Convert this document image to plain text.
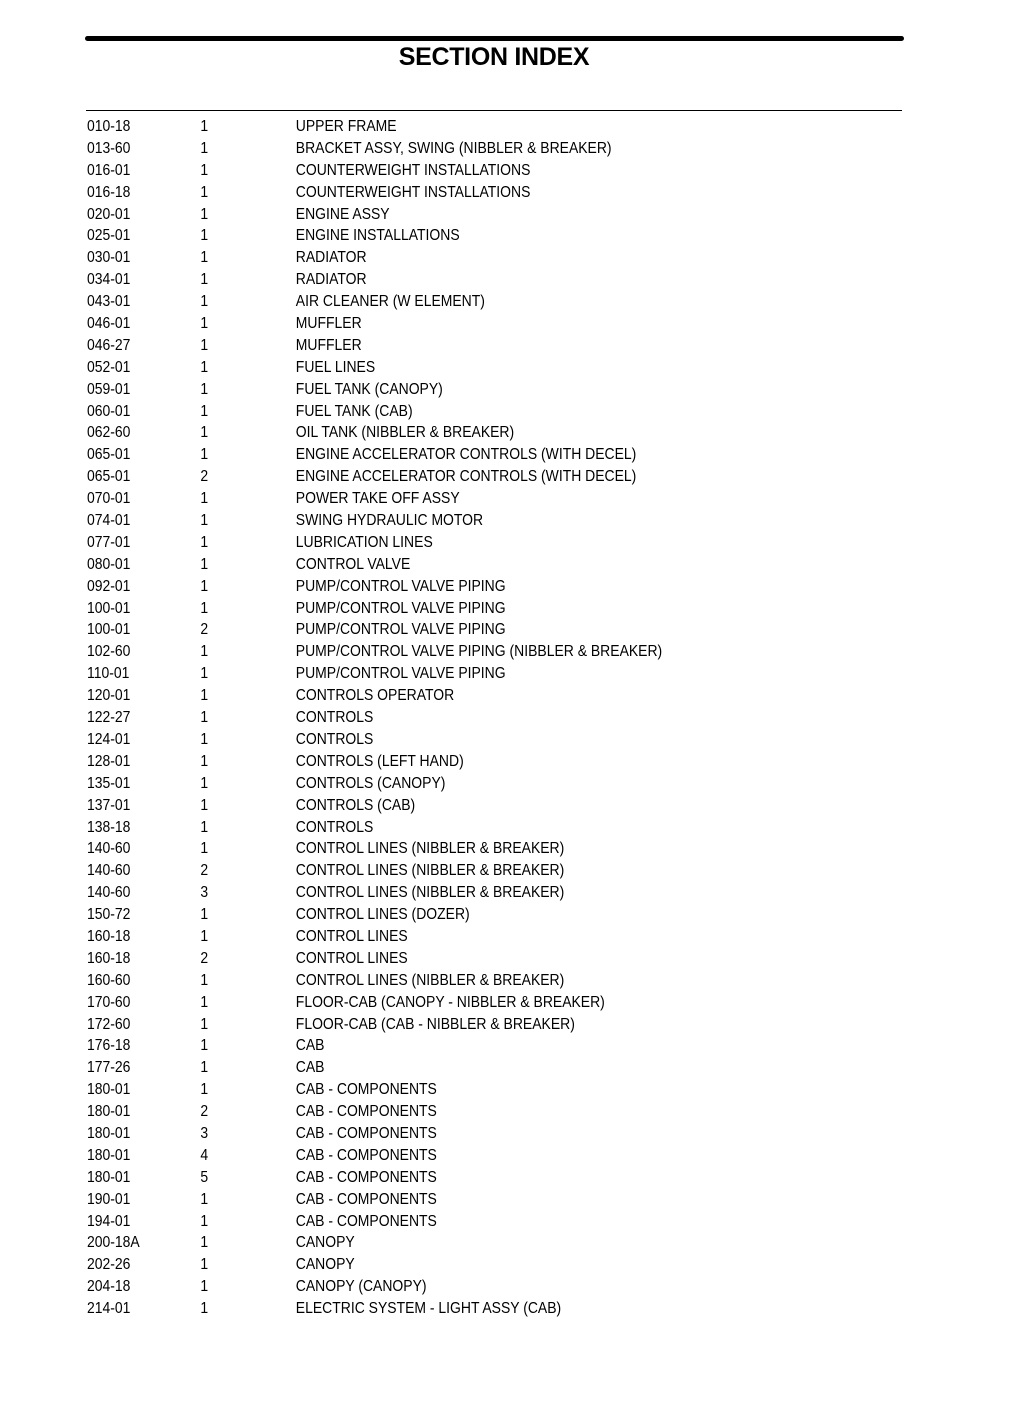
SECTION INDEX
010-18	1	UPPER FRAME
013-60	1	BRACKET ASSY, SWING (NIBBLER & BREAKER)
016-01	1	COUNTERWEIGHT INSTALLATIONS
016-18	1	COUNTERWEIGHT INSTALLATIONS
020-01	1	ENGINE ASSY
025-01	1	ENGINE INSTALLATIONS
030-01	1	RADIATOR
034-01	1	RADIATOR
043-01	1	AIR CLEANER (W ELEMENT)
046-01	1	MUFFLER
046-27	1	MUFFLER
052-01	1	FUEL LINES
059-01	1	FUEL TANK (CANOPY)
060-01	1	FUEL TANK (CAB)
062-60	1	OIL TANK (NIBBLER & BREAKER)
065-01	1	ENGINE ACCELERATOR CONTROLS (WITH DECEL)
065-01	2	ENGINE ACCELERATOR CONTROLS (WITH DECEL)
070-01	1	POWER TAKE OFF ASSY
074-01	1	SWING HYDRAULIC MOTOR
077-01	1	LUBRICATION LINES
080-01	1	CONTROL VALVE
092-01	1	PUMP/CONTROL VALVE PIPING
100-01	1	PUMP/CONTROL VALVE PIPING
100-01	2	PUMP/CONTROL VALVE PIPING
102-60	1	PUMP/CONTROL VALVE PIPING (NIBBLER & BREAKER)
110-01	1	PUMP/CONTROL VALVE PIPING
120-01	1	CONTROLS OPERATOR
122-27	1	CONTROLS
124-01	1	CONTROLS
128-01	1	CONTROLS (LEFT HAND)
135-01	1	CONTROLS (CANOPY)
137-01	1	CONTROLS (CAB)
138-18	1	CONTROLS
140-60	1	CONTROL LINES (NIBBLER & BREAKER)
140-60	2	CONTROL LINES (NIBBLER & BREAKER)
140-60	3	CONTROL LINES (NIBBLER & BREAKER)
150-72	1	CONTROL LINES (DOZER)
160-18	1	CONTROL LINES
160-18	2	CONTROL LINES
160-60	1	CONTROL LINES (NIBBLER & BREAKER)
170-60	1	FLOOR-CAB (CANOPY - NIBBLER & BREAKER)
172-60	1	FLOOR-CAB (CAB - NIBBLER & BREAKER)
176-18	1	CAB
177-26	1	CAB
180-01	1	CAB - COMPONENTS
180-01	2	CAB - COMPONENTS
180-01	3	CAB - COMPONENTS
180-01	4	CAB - COMPONENTS
180-01	5	CAB - COMPONENTS
190-01	1	CAB - COMPONENTS
194-01	1	CAB - COMPONENTS
200-18A	1	CANOPY
202-26	1	CANOPY
204-18	1	CANOPY (CANOPY)
214-01	1	ELECTRIC SYSTEM - LIGHT ASSY (CAB)
